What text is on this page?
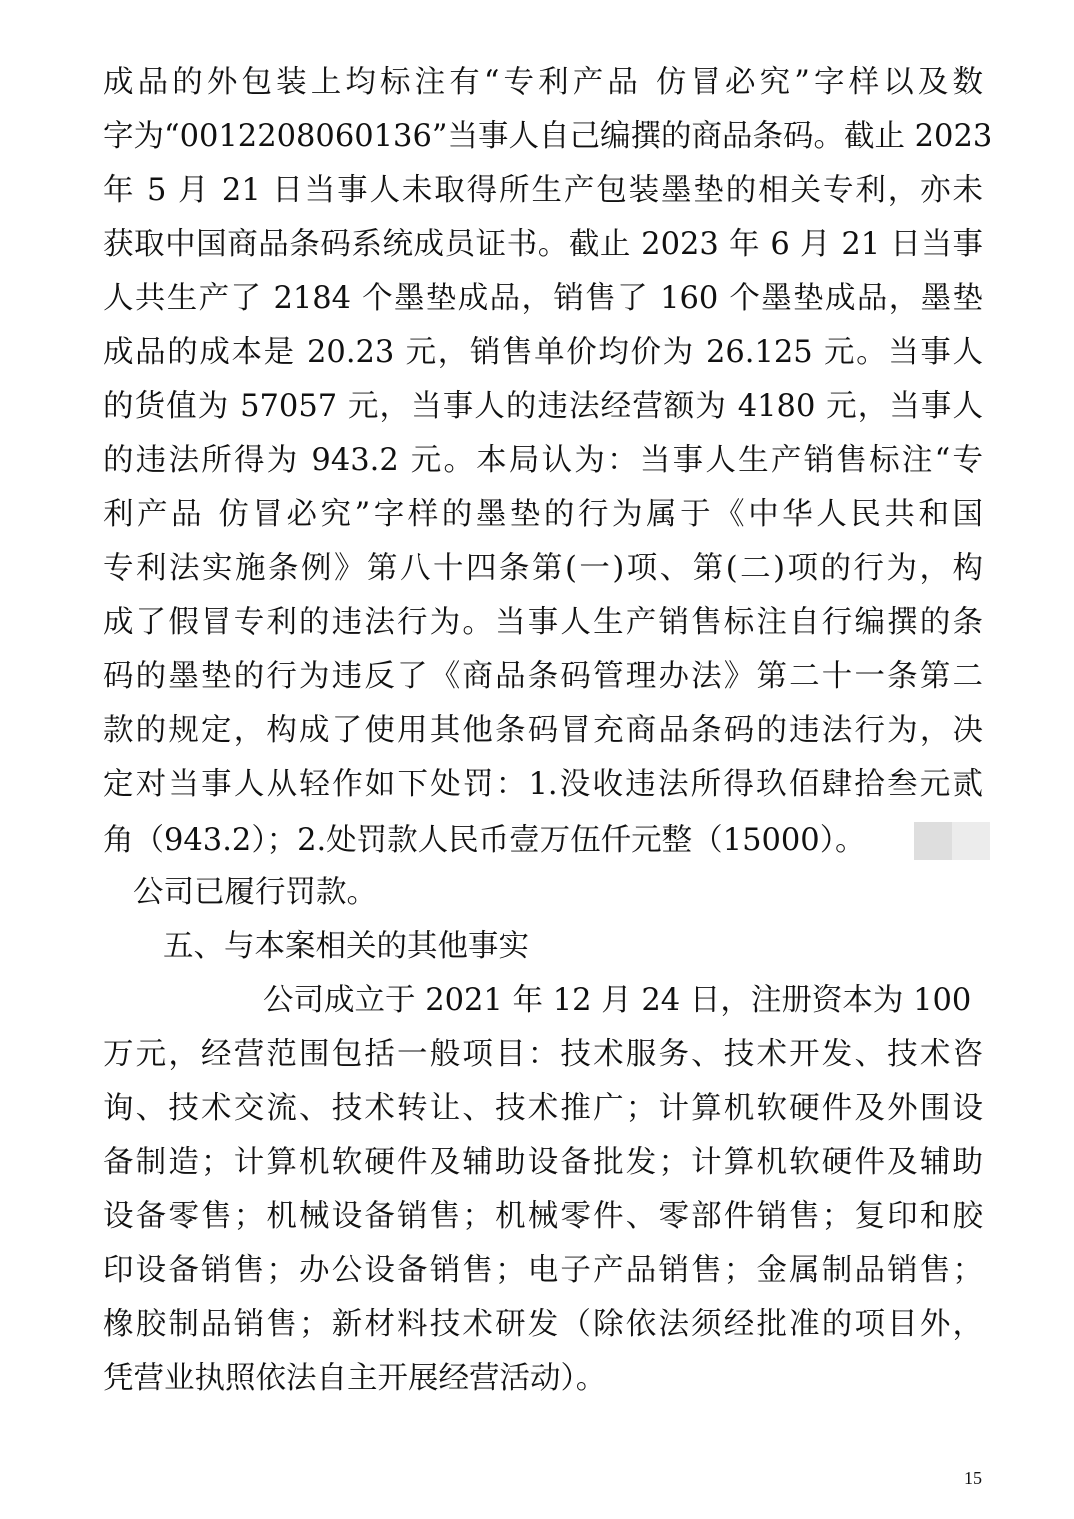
成品的外包装上均标注有“专利产品 仿冒必究”字样以及数
字为“0012208060136”当事人自己编撰的商品条码。截止 2023
年 5 月 21 日当事人未取得所生产包装墨垫的相关专利，亦未
获取中国商品条码系统成员证书。截止 2023 年 6 月 21 日当事
人共生产了 2184 个墨垫成品，销售了 160 个墨垫成品，墨垫
成品的成本是 20.23 元，销售单价均价为 26.125 元。当事人
的货值为 57057 元，当事人的违法经营额为 4180 元，当事人
的违法所得为 943.2 元。本局认为：当事人生产销售标注“专
利产品 仿冒必究”字样的墨垫的行为属于《中华人民共和国
专利法实施条例》第八十四条第(一)项、第(二)项的行为，构
成了假冒专利的违法行为。当事人生产销售标注自行编撰的条
码的墨垫的行为违反了《商品条码管理办法》第二十一条第二
款的规定，构成了使用其他条码冒充商品条码的违法行为，决
定对当事人从轻作如下处罚：1.没收违法所得玖佰肆拾叁元贰
角（943.2）；2.处罚款人民币壹万伍仟元整（15000）。
公司已履行罚款。
五、与本案相关的其他事实
公司成立于 2021 年 12 月 24 日，注册资本为 100
万元，经营范围包括一般项目：技术服务、技术开发、技术咨
询、技术交流、技术转让、技术推广；计算机软硬件及外围设
备制造；计算机软硬件及辅助设备批发；计算机软硬件及辅助
设备零售；机械设备销售；机械零件、零部件销售；复印和胶
印设备销售；办公设备销售；电子产品销售；金属制品销售；
橡胶制品销售；新材料技术研发（除依法须经批准的项目外，
凭营业执照依法自主开展经营活动）。
15
